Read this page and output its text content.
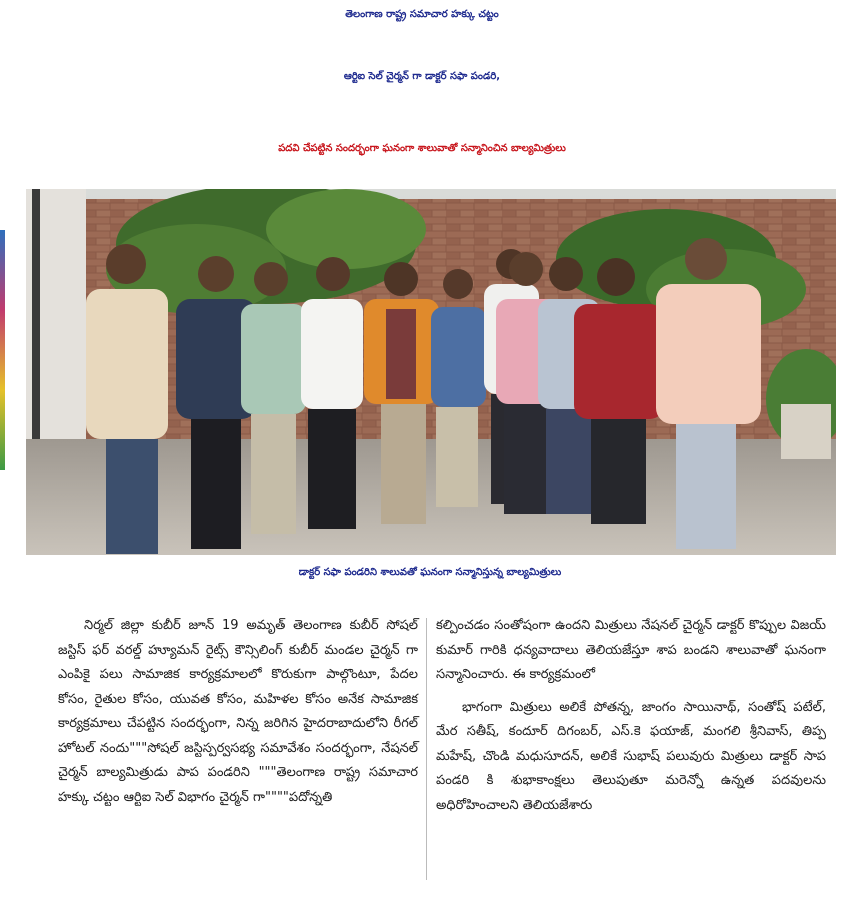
తెలంగాణ రాష్ట్ర సమాచార హక్కు చట్టం
ఆర్టిఐ సెల్ చైర్మన్ గా డాక్టర్ సఫా పండరి,
పదవి చేపట్టిన సందర్భంగా ఘనంగా శాలువాతో సన్మానించిన బాల్యమిత్రులు
డాక్టర్ సఫా పండరిని శాలువతో ఘనంగా సన్మానిస్తున్న బాల్యమిత్రులు

నిర్మల్ జిల్లా కుబీర్ జూన్ 19 అమృత్ తెలంగాణ కుబీర్ సోషల్ జస్టిస్ ఫర్ వరల్డ్ హ్యూమన్ రైట్స్ కౌన్సిలింగ్ కుబీర్ మండల చైర్మన్ గా ఎంపికై పలు సామాజిక కార్యక్రమాలలో కొరుకుగా పాల్గొంటూ, పేదల కోసం, రైతుల కోసం, యువత కోసం, మహిళల కోసం అనేక సామాజిక కార్యక్రమాలు చేపట్టిన సందర్భంగా, నిన్న జరిగిన హైదరాబాదులోని రీగల్ హోటల్ నందు"""సోషల్ జస్టిస్పర్వసభ్య సమావేశం సందర్భంగా, నేషనల్ చైర్మన్ బాల్యమిత్రుడు పాప పండరిని """తెలంగాణ రాష్ట్ర సమాచార హక్కు చట్టం ఆర్టిఐ సెల్ విభాగం చైర్మన్ గా""""పదోన్నతి

కల్పించడం సంతోషంగా ఉందని మిత్రులు నేషనల్ చైర్మన్ డాక్టర్ కొప్పుల విజయ్ కుమార్ గారికి ధన్యవాదాలు తెలియజేస్తూ శాప బండని శాలువాతో ఘనంగా సన్మానించారు. ఈ కార్యక్రమంలో

భాగంగా మిత్రులు అలికే పోతన్న, జాంగం సాయినాథ్, సంతోష్ పటేల్, మేర సతీష్, కందూర్ దిగంబర్, ఎస్.కె ఫయాజ్, మంగలి శ్రీనివాస్, తిప్ప మహేష్, చొండి మధుసూదన్, అలికే సుభాష్ పలువురు మిత్రులు డాక్టర్ సాప పండరి కి శుభాకాంక్షలు తెలుపుతూ మరెన్నో ఉన్నత పదవులను అధిరోహించాలని తెలియజేశారు
